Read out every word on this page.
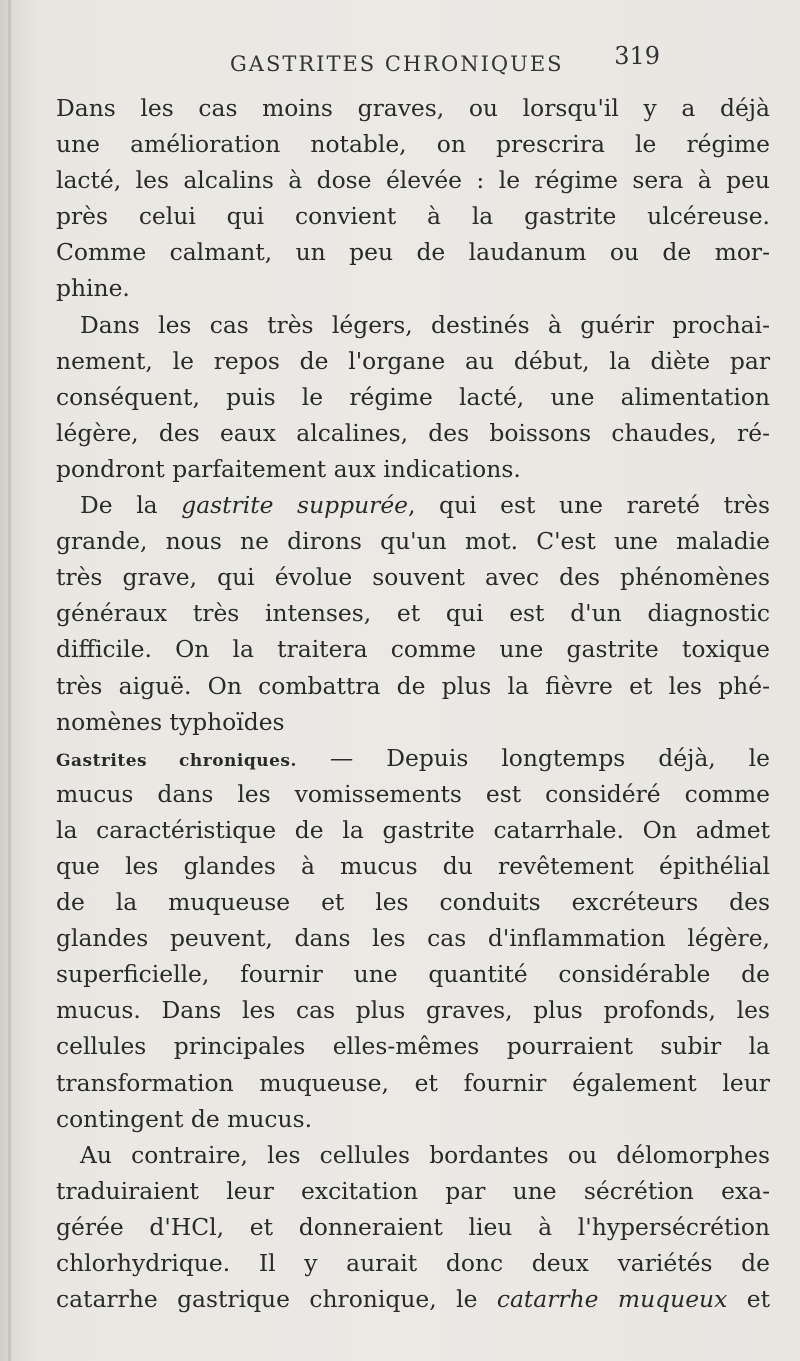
GASTRITES CHRONIQUES 319
Dans les cas moins graves, ou lorsqu'il y a déjà
une amélioration notable, on prescrira le régime
lacté, les alcalins à dose élevée : le régime sera à peu
près celui qui convient à la gastrite ulcéreuse.
Comme calmant, un peu de laudanum ou de mor-
phine.
Dans les cas très légers, destinés à guérir prochai-
nement, le repos de l'organe au début, la diète par
conséquent, puis le régime lacté, une alimentation
légère, des eaux alcalines, des boissons chaudes, ré-
pondront parfaitement aux indications.
De la gastrite suppurée, qui est une rareté très
grande, nous ne dirons qu'un mot. C'est une maladie
très grave, qui évolue souvent avec des phénomènes
généraux très intenses, et qui est d'un diagnostic
difficile. On la traitera comme une gastrite toxique
très aiguë. On combattra de plus la fièvre et les phé-
nomènes typhoïdes
Gastrites chroniques. — Depuis longtemps déjà, le
mucus dans les vomissements est considéré comme
la caractéristique de la gastrite catarrhale. On admet
que les glandes à mucus du revêtement épithélial
de la muqueuse et les conduits excréteurs des
glandes peuvent, dans les cas d'inflammation légère,
superficielle, fournir une quantité considérable de
mucus. Dans les cas plus graves, plus profonds, les
cellules principales elles-mêmes pourraient subir la
transformation muqueuse, et fournir également leur
contingent de mucus.
Au contraire, les cellules bordantes ou délomorphes
traduiraient leur excitation par une sécrétion exa-
gérée d'HCl, et donneraient lieu à l'hypersécrétion
chlorhydrique. Il y aurait donc deux variétés de
catarrhe gastrique chronique, le catarrhe muqueux et
